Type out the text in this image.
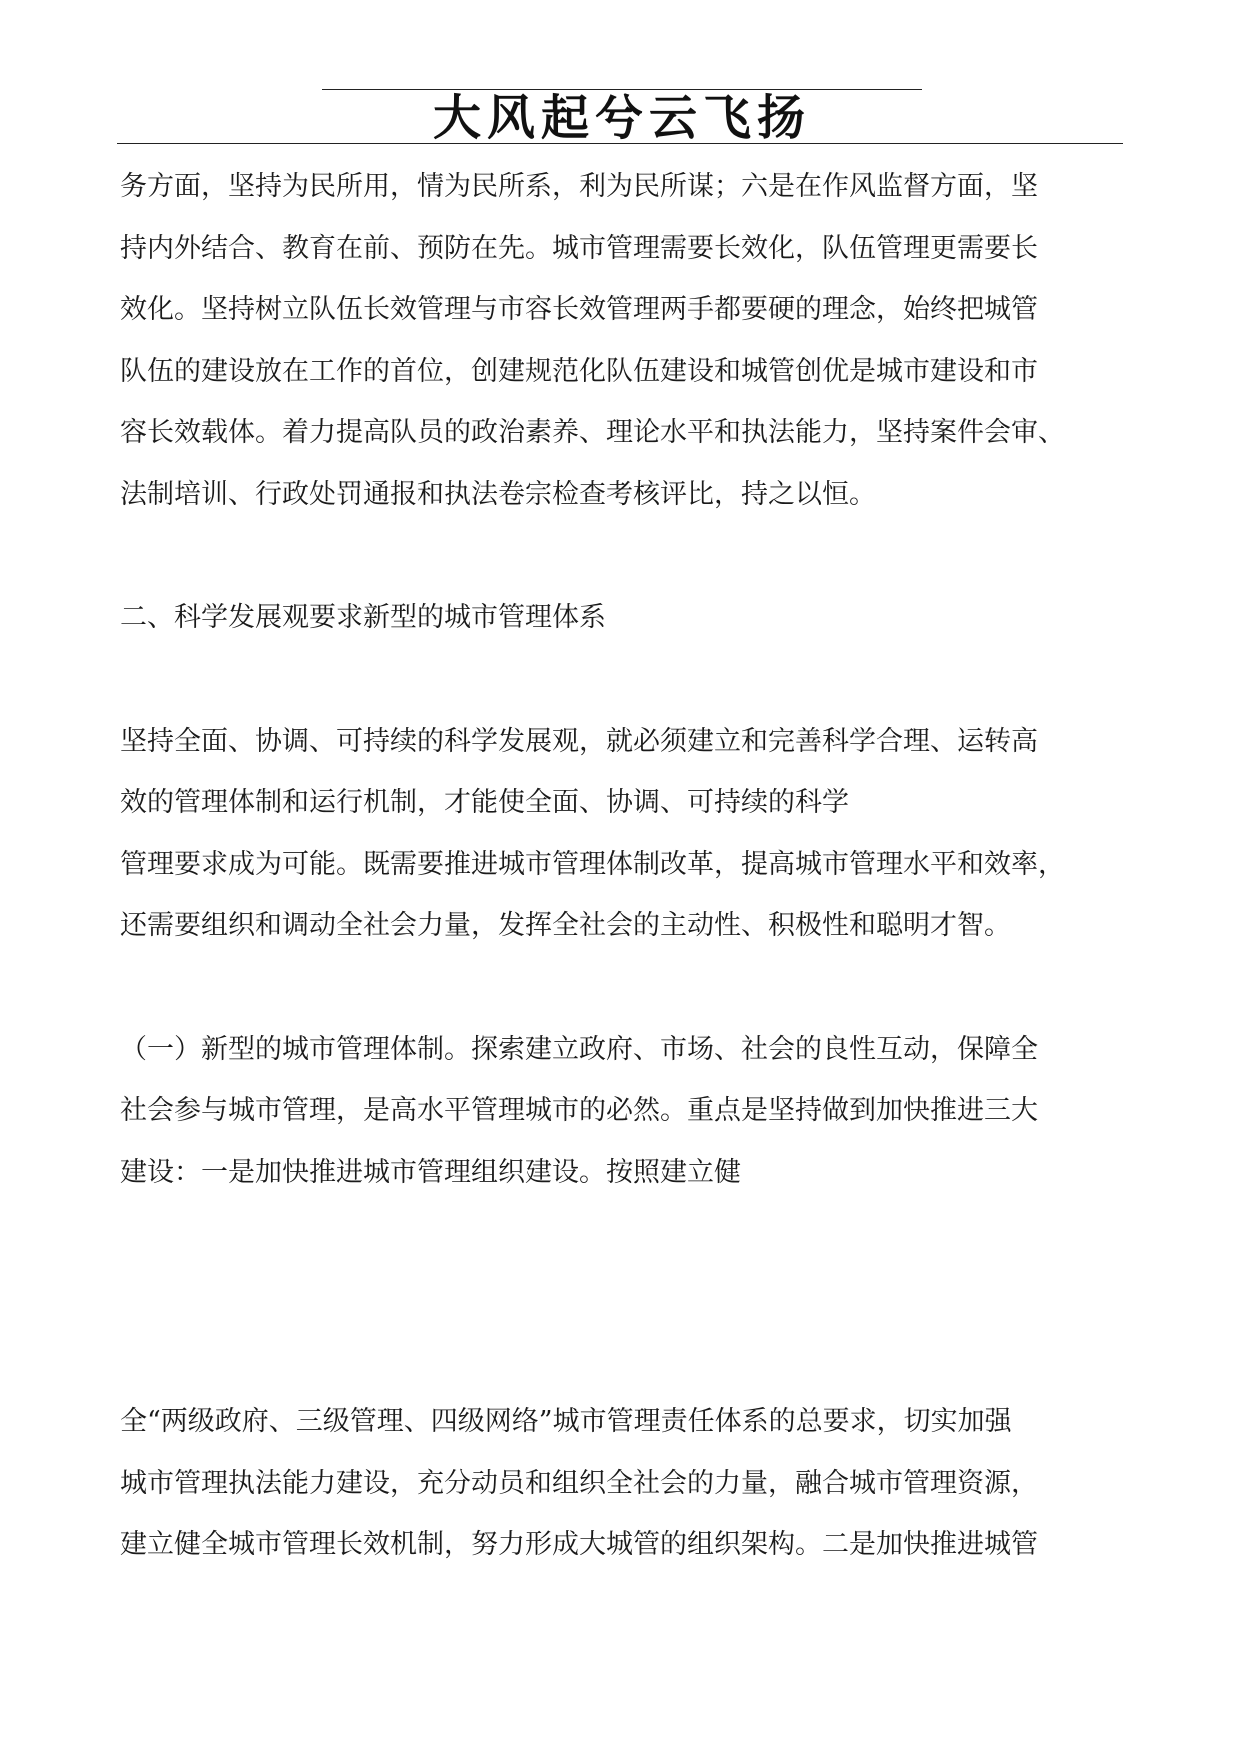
大风起兮云飞扬
务方面，坚持为民所用，情为民所系，利为民所谋；六是在作风监督方面，坚
持内外结合、教育在前、预防在先。城市管理需要长效化，队伍管理更需要长
效化。坚持树立队伍长效管理与市容长效管理两手都要硬的理念，始终把城管
队伍的建设放在工作的首位，创建规范化队伍建设和城管创优是城市建设和市
容长效载体。着力提高队员的政治素养、理论水平和执法能力，坚持案件会审、
法制培训、行政处罚通报和执法卷宗检查考核评比，持之以恒。
二、科学发展观要求新型的城市管理体系
坚持全面、协调、可持续的科学发展观，就必须建立和完善科学合理、运转高
效的管理体制和运行机制，才能使全面、协调、可持续的科学
管理要求成为可能。既需要推进城市管理体制改革，提高城市管理水平和效率，
还需要组织和调动全社会力量，发挥全社会的主动性、积极性和聪明才智。
（一）新型的城市管理体制。探索建立政府、市场、社会的良性互动，保障全
社会参与城市管理，是高水平管理城市的必然。重点是坚持做到加快推进三大
建设：一是加快推进城市管理组织建设。按照建立健
全“两级政府、三级管理、四级网络”城市管理责任体系的总要求，切实加强
城市管理执法能力建设，充分动员和组织全社会的力量，融合城市管理资源，
建立健全城市管理长效机制，努力形成大城管的组织架构。二是加快推进城管
